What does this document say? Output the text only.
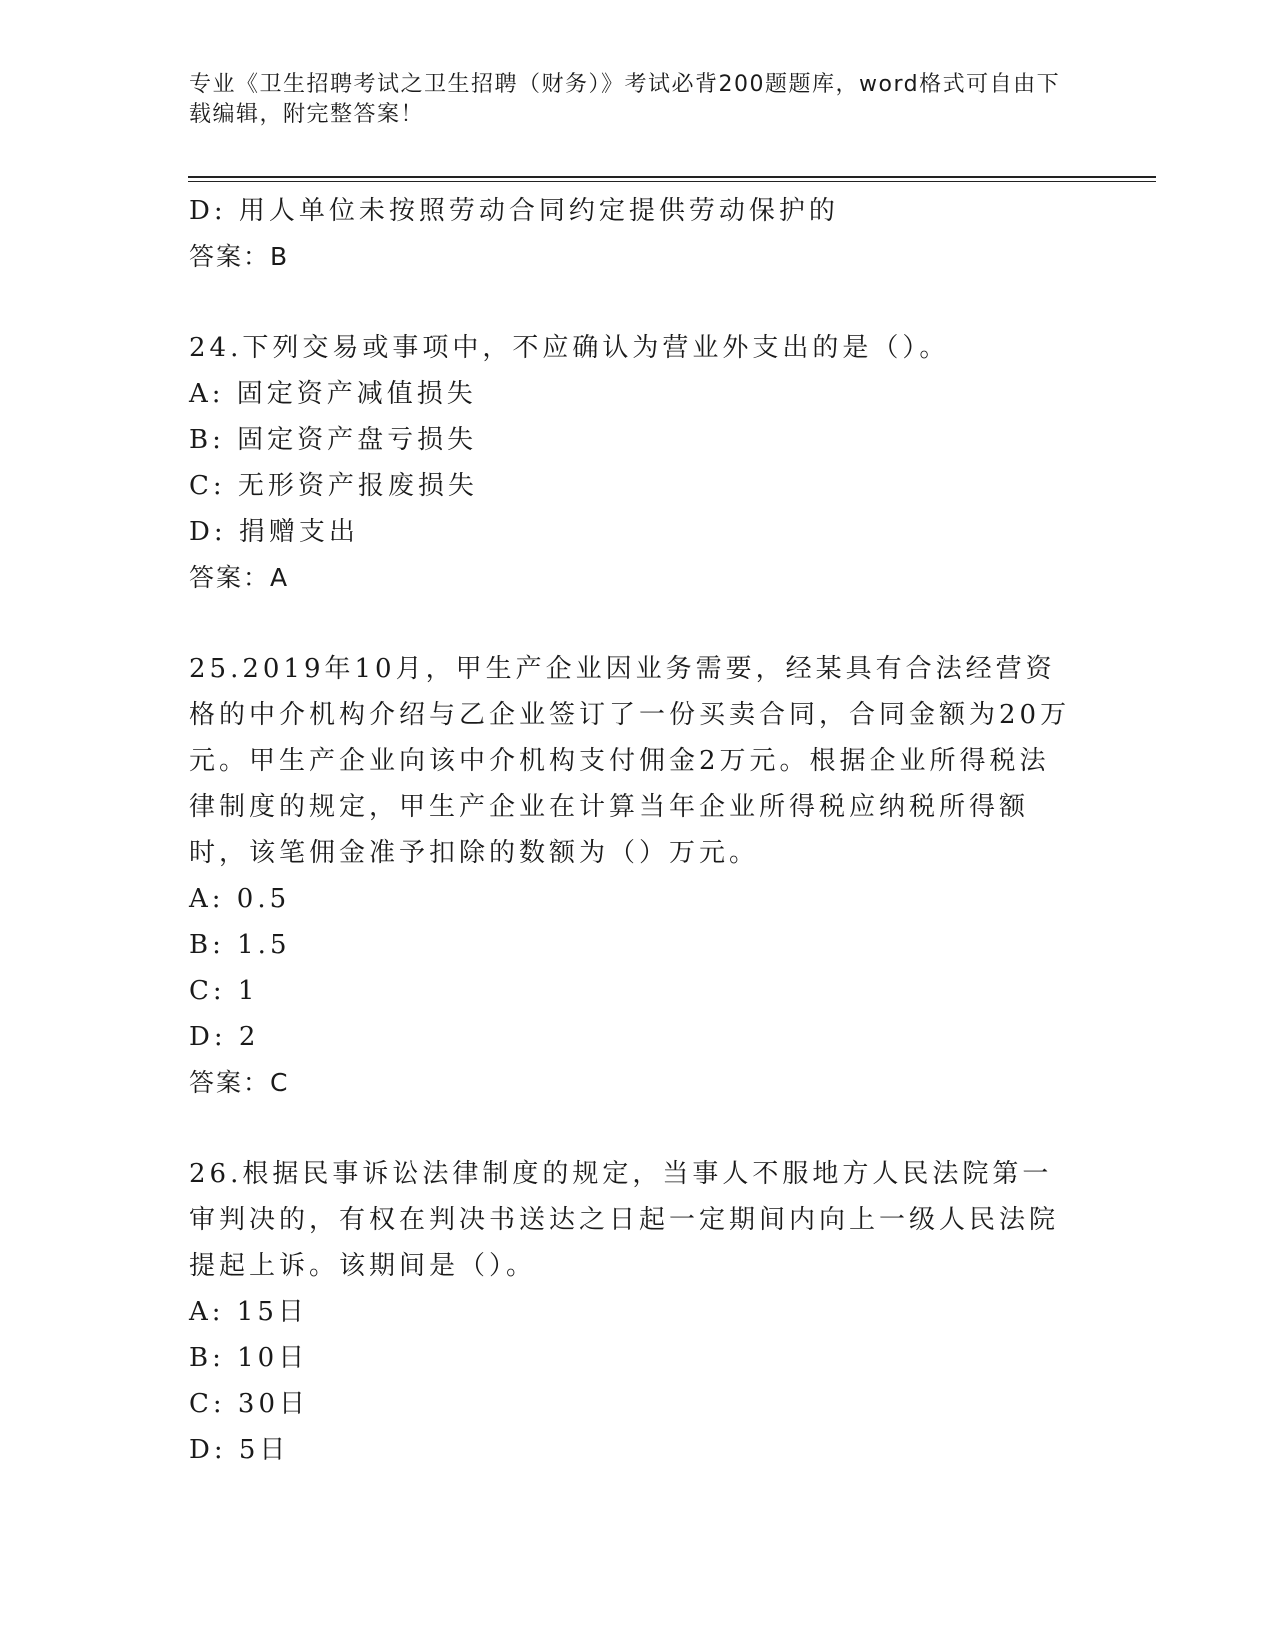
专业《卫生招聘考试之卫生招聘（财务）》考试必背200题题库，word格式可自由下载编辑，附完整答案！
D: 用人单位未按照劳动合同约定提供劳动保护的
答案：B
24.下列交易或事项中，不应确认为营业外支出的是（）。
A: 固定资产减值损失
B: 固定资产盘亏损失
C: 无形资产报废损失
D: 捐赠支出
答案：A
25.2019年10月，甲生产企业因业务需要，经某具有合法经营资格的中介机构介绍与乙企业签订了一份买卖合同，合同金额为20万元。甲生产企业向该中介机构支付佣金2万元。根据企业所得税法律制度的规定，甲生产企业在计算当年企业所得税应纳税所得额时，该笔佣金准予扣除的数额为（）万元。
A: 0.5
B: 1.5
C: 1
D: 2
答案：C
26.根据民事诉讼法律制度的规定，当事人不服地方人民法院第一审判决的，有权在判决书送达之日起一定期间内向上一级人民法院提起上诉。该期间是（）。
A: 15日
B: 10日
C: 30日
D: 5日
